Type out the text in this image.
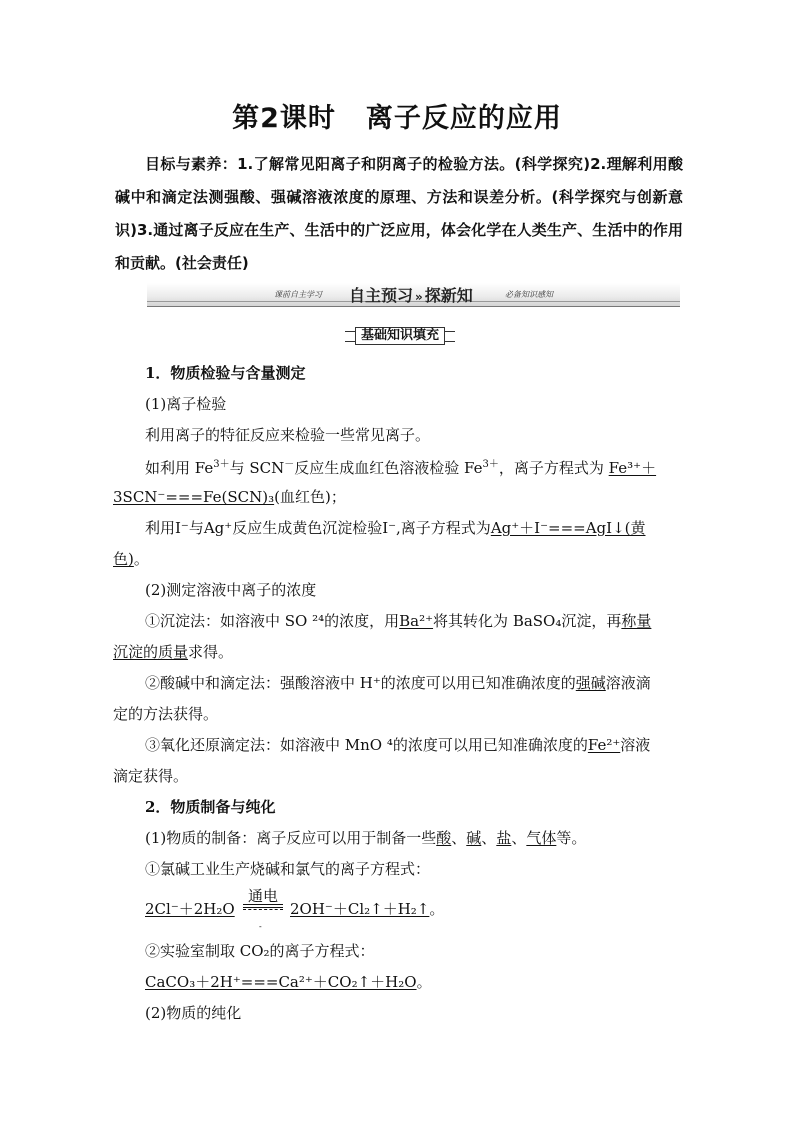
第2课时 离子反应的应用
目标与素养：1.了解常见阳离子和阴离子的检验方法。(科学探究)2.理解利用酸碱中和滴定法测强酸、强碱溶液浓度的原理、方法和误差分析。(科学探究与创新意识)3.通过离子反应在生产、生活中的广泛应用，体会化学在人类生产、生活中的作用和贡献。(社会责任)
课前自主学习 自主预习 » 探新知	必备知识感知
基础知识填充
1．物质检验与含量测定
(1)离子检验
利用离子的特征反应来检验一些常见离子。
如利用 $Fe^{3+}$与 SCN－反应生成血红色溶液检验 $Fe^{3+}$，离子方程式为 Fe³⁺＋
3SCN⁻===Fe(SCN)₃(血红色)；
利用I⁻与Ag⁺反应生成黄色沉淀检验I⁻,离子方程式为Ag⁺＋I⁻===AgI↓(黄
色)。
(2)测定溶液中离子的浓度
①沉淀法：如溶液中 SO ²⁴的浓度，用Ba²⁺将其转化为 BaSO₄沉淀，再称量
沉淀的质量求得。
②酸碱中和滴定法：强酸溶液中 H⁺的浓度可以用已知准确浓度的强碱溶液滴
定的方法获得。
③氧化还原滴定法：如溶液中 MnO ⁴的浓度可以用已知准确浓度的Fe²⁺溶液
滴定获得。
2．物质制备与纯化
(1)物质的制备：离子反应可以用于制备一些酸、碱、盐、气体等。
①氯碱工业生产烧碱和氯气的离子方程式：
2Cl⁻＋2H₂O
通电
-
2OH⁻＋Cl₂↑＋H₂↑。
②实验室制取 CO₂的离子方程式：
CaCO₃＋2H⁺===Ca²⁺＋CO₂↑＋H₂O。
(2)物质的纯化
